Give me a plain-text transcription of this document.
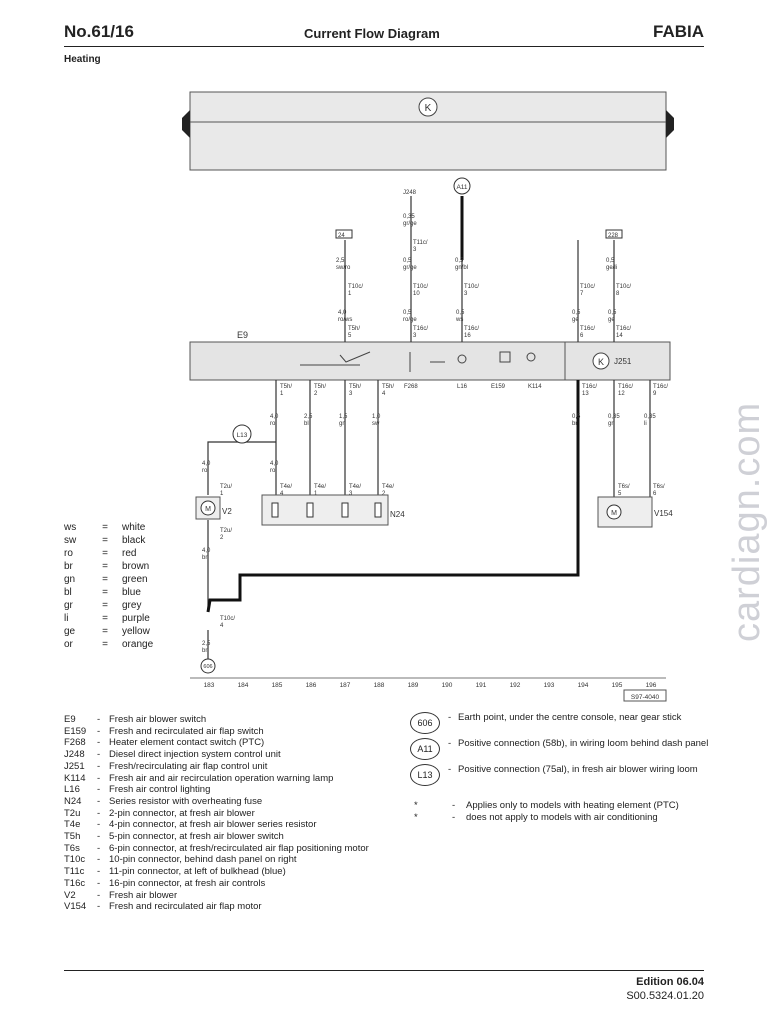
No.61/16	Current Flow Diagram	FABIA
Heating
cardiagn.com
K
E9
K J251
A11
24	228
L13
N24
M V2	M	V154
606
183	184	185	186	187	188	189	190	191	192	193	194	195	196
S97-4040
J248
0,35 gr/ge
T11c/ 3
0,5 gr/ge
0,5 gn/bl
2,5 sw/ro
0,5 ge/li
T10c/ 1
T10c/ 10
T10c/ 3
T10c/ 7
T10c/ 8
4,0 ro/ws
0,5 ro/ge
0,5 ws
0,5 ge
0,5 ge
T5h/ 5
T16c/ 3
T16c/ 16
T16c/ 6
T16c/ 14
T5h/ 1
T5h/ 2
T5h/ 3
T5h/ 4
F268	L16	E159	K114	T16c/ 13
T16c/ 12
T16c/ 9
4,0 ro
2,5 bl
1,5 gn
1,0 sw
0,5 br
0,35 gr
0,35 li
4,0 ro
4,0 ro
T2u/ 1
T2u/ 2
4,0 br
T4e/ 4
T4e/ 1
T4e/ 3
T4e/ 2
T6s/ 5
T6s/ 6
T10c/ 4
2,5 br
ws	= white
sw	= black
ro	= red
br	= brown
gn	= green
bl	= blue
gr	= grey
li	= purple
ge	= yellow
or	= orange
E9	- Fresh air blower switch
E159	- Fresh and recirculated air flap switch
F268	- Heater element contact switch (PTC)
J248	- Diesel direct injection system control unit
J251	- Fresh/recirculating air flap control unit
K114	- Fresh air and air recirculation operation warning lamp
L16	- Fresh air control lighting
N24	- Series resistor with overheating fuse
T2u	- 2-pin connector, at fresh air blower
T4e	- 4-pin connector, at fresh air blower series resistor
T5h	- 5-pin connector, at fresh air blower switch
T6s	- 6-pin connector, at fresh/recirculated air flap positioning motor
T10c	- 10-pin connector, behind dash panel on right
T11c	- 11-pin connector, at left of bulkhead (blue)
T16c	- 16-pin connector, at fresh air controls
V2	- Fresh air blower
V154	- Fresh and recirculated air flap motor
606	- Earth point, under the centre console, near gear stick
A11	- Positive connection (58b), in wiring loom behind dash panel
L13	- Positive connection (75al), in fresh air blower wiring loom
*	-	Applies only to models with heating element (PTC)
*	-	does not apply to models with air conditioning
Edition 06.04
S00.5324.01.20
